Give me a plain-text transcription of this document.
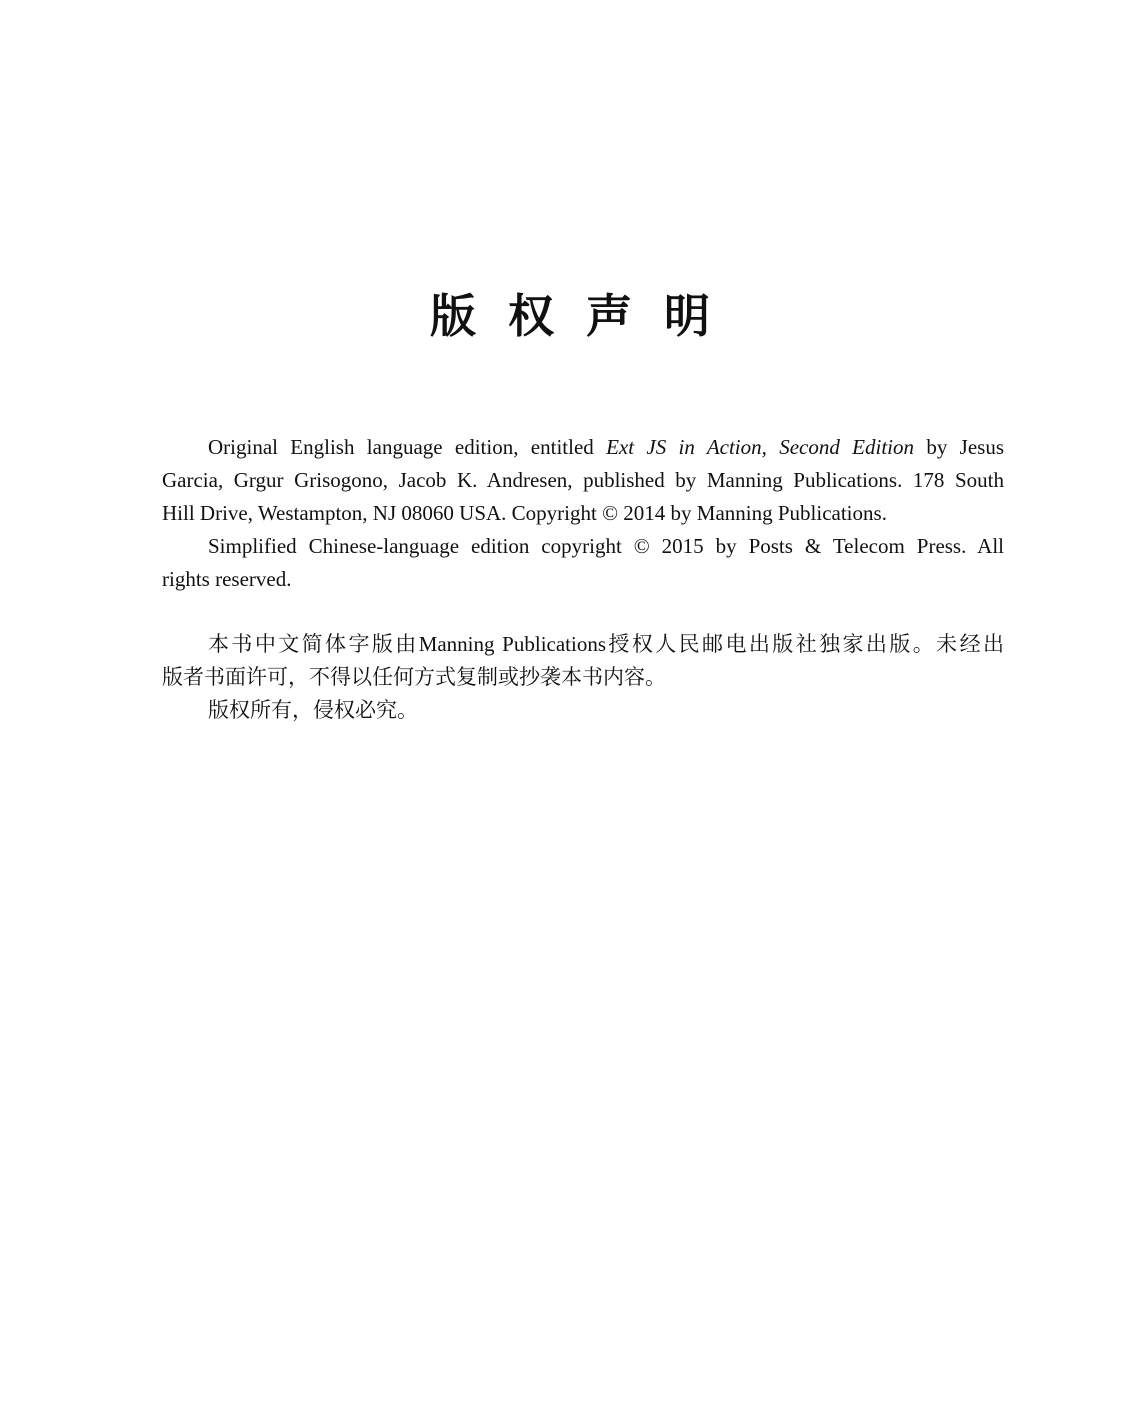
版权声明
Original English language edition, entitled Ext JS in Action, Second Edition by Jesus
Garcia, Grgur Grisogono, Jacob K. Andresen, published by Manning Publications. 178 South
Hill Drive, Westampton, NJ 08060 USA. Copyright © 2014 by Manning Publications.
Simplified Chinese-language edition copyright © 2015 by Posts & Telecom Press. All
rights reserved.
本书中文简体字版由Manning Publications授权人民邮电出版社独家出版。未经出
版者书面许可，不得以任何方式复制或抄袭本书内容。
版权所有，侵权必究。
